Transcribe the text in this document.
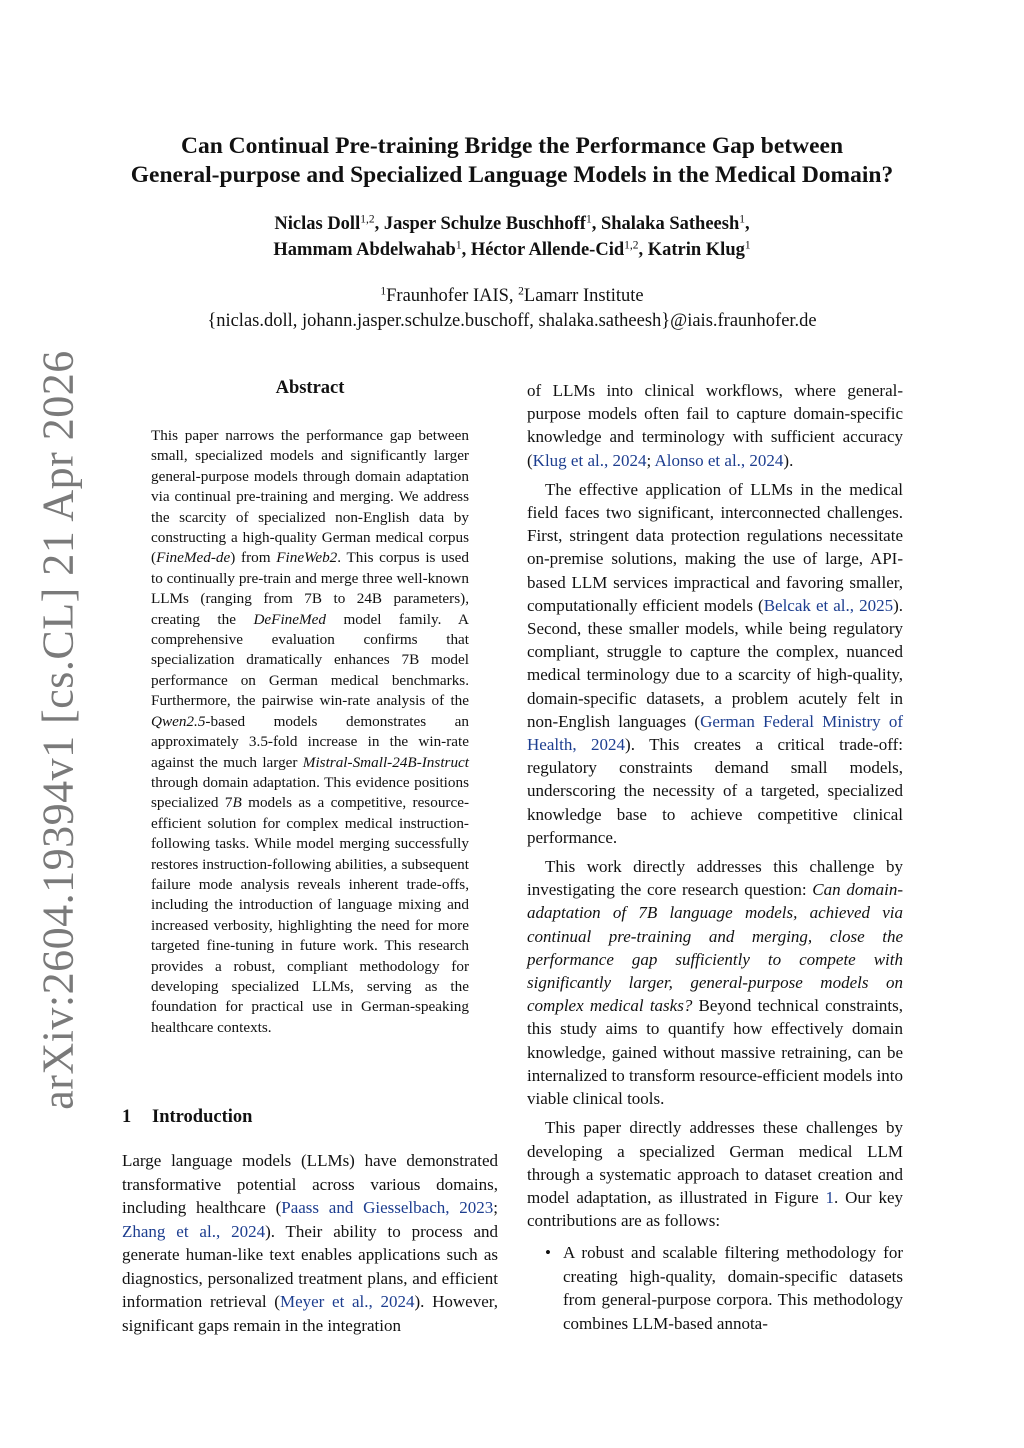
arXiv:2604.19394v1 [cs.CL] 21 Apr 2026
Can Continual Pre-training Bridge the Performance Gap between
General-purpose and Specialized Language Models in the Medical Domain?
Niclas Doll$^{1,2}$, Jasper Schulze Buschhoff$^1$, Shalaka Satheesh$^1$,
Hammam Abdelwahab$^1$, Héctor Allende-Cid$^{1,2}$, Katrin Klug$^1$
$^1$Fraunhofer IAIS, $^2$Lamarr Institute
{niclas.doll, johann.jasper.schulze.buschoff, shalaka.satheesh}@iais.fraunhofer.de
Abstract
This paper narrows the performance gap between small, specialized models and significantly larger general-purpose models through domain adaptation via continual pre-training and merging. We address the scarcity of specialized non-English data by constructing a high-quality German medical corpus (FineMed-de) from FineWeb2. This corpus is used to continually pre-train and merge three well-known LLMs (ranging from 7B to 24B parameters), creating the DeFineMed model family. A comprehensive evaluation confirms that specialization dramatically enhances 7B model performance on German medical benchmarks. Furthermore, the pairwise win-rate analysis of the Qwen2.5-based models demonstrates an approximately 3.5-fold increase in the win-rate against the much larger Mistral-Small-24B-Instruct through domain adaptation. This evidence positions specialized 7B models as a competitive, resource-efficient solution for complex medical instruction-following tasks. While model merging successfully restores instruction-following abilities, a subsequent failure mode analysis reveals inherent trade-offs, including the introduction of language mixing and increased verbosity, highlighting the need for more targeted fine-tuning in future work. This research provides a robust, compliant methodology for developing specialized LLMs, serving as the foundation for practical use in German-speaking healthcare contexts.
1 Introduction
Large language models (LLMs) have demonstrated transformative potential across various domains, including healthcare (Paass and Giesselbach, 2023; Zhang et al., 2024). Their ability to process and generate human-like text enables applications such as diagnostics, personalized treatment plans, and efficient information retrieval (Meyer et al., 2024). However, significant gaps remain in the integration

of LLMs into clinical workflows, where general-purpose models often fail to capture domain-specific knowledge and terminology with sufficient accuracy (Klug et al., 2024; Alonso et al., 2024).

The effective application of LLMs in the medical field faces two significant, interconnected challenges. First, stringent data protection regulations necessitate on-premise solutions, making the use of large, API-based LLM services impractical and favoring smaller, computationally efficient models (Belcak et al., 2025). Second, these smaller models, while being regulatory compliant, struggle to capture the complex, nuanced medical terminology due to a scarcity of high-quality, domain-specific datasets, a problem acutely felt in non-English languages (German Federal Ministry of Health, 2024). This creates a critical trade-off: regulatory constraints demand small models, underscoring the necessity of a targeted, specialized knowledge base to achieve competitive clinical performance.

This work directly addresses this challenge by investigating the core research question: Can domain-adaptation of 7B language models, achieved via continual pre-training and merging, close the performance gap sufficiently to compete with significantly larger, general-purpose models on complex medical tasks? Beyond technical constraints, this study aims to quantify how effectively domain knowledge, gained without massive retraining, can be internalized to transform resource-efficient models into viable clinical tools.

This paper directly addresses these challenges by developing a specialized German medical LLM through a systematic approach to dataset creation and model adaptation, as illustrated in Figure 1. Our key contributions are as follows:

• A robust and scalable filtering methodology for creating high-quality, domain-specific datasets from general-purpose corpora. This methodology combines LLM-based annota-
